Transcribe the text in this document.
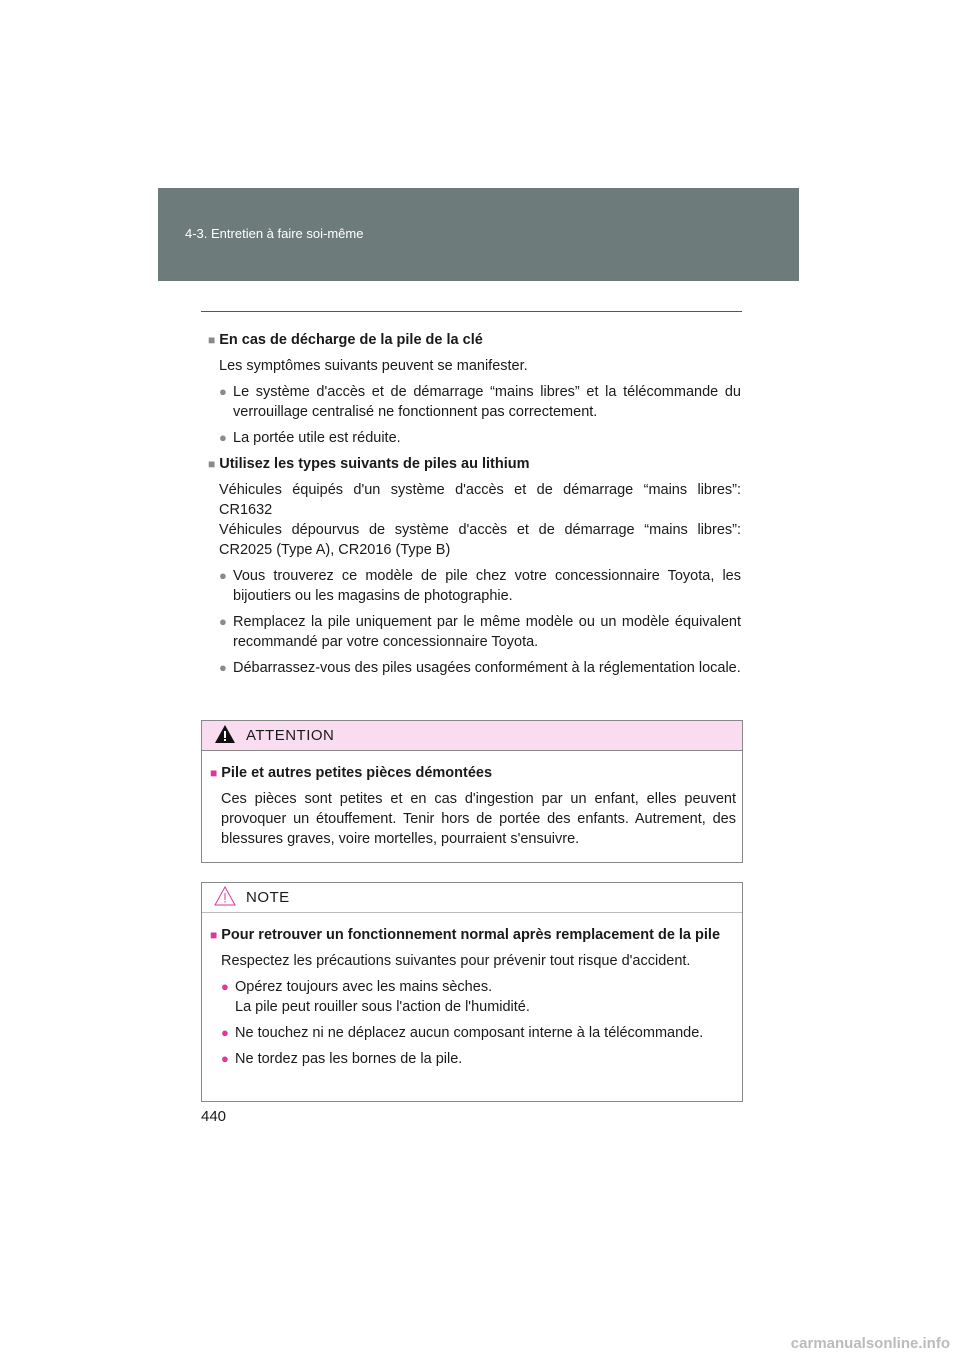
4-3. Entretien à faire soi-même
■ En cas de décharge de la pile de la clé
Les symptômes suivants peuvent se manifester.
● Le système d'accès et de démarrage “mains libres” et la télécommande du verrouillage centralisé ne fonctionnent pas correctement.
● La portée utile est réduite.
■ Utilisez les types suivants de piles au lithium
Véhicules équipés d'un système d'accès et de démarrage “mains libres”: CR1632
Véhicules dépourvus de système d'accès et de démarrage “mains libres”: CR2025 (Type A), CR2016 (Type B)
● Vous trouverez ce modèle de pile chez votre concessionnaire Toyota, les bijoutiers ou les magasins de photographie.
● Remplacez la pile uniquement par le même modèle ou un modèle équivalent recommandé par votre concessionnaire Toyota.
● Débarrassez-vous des piles usagées conformément à la réglementation locale.
ATTENTION
■ Pile et autres petites pièces démontées
Ces pièces sont petites et en cas d'ingestion par un enfant, elles peuvent provoquer un étouffement. Tenir hors de portée des enfants. Autrement, des blessures graves, voire mortelles, pourraient s'ensuivre.
NOTE
■ Pour retrouver un fonctionnement normal après remplacement de la pile
Respectez les précautions suivantes pour prévenir tout risque d'accident.
● Opérez toujours avec les mains sèches.
La pile peut rouiller sous l'action de l'humidité.
● Ne touchez ni ne déplacez aucun composant interne à la télécommande.
● Ne tordez pas les bornes de la pile.
440
carmanualsonline.info
